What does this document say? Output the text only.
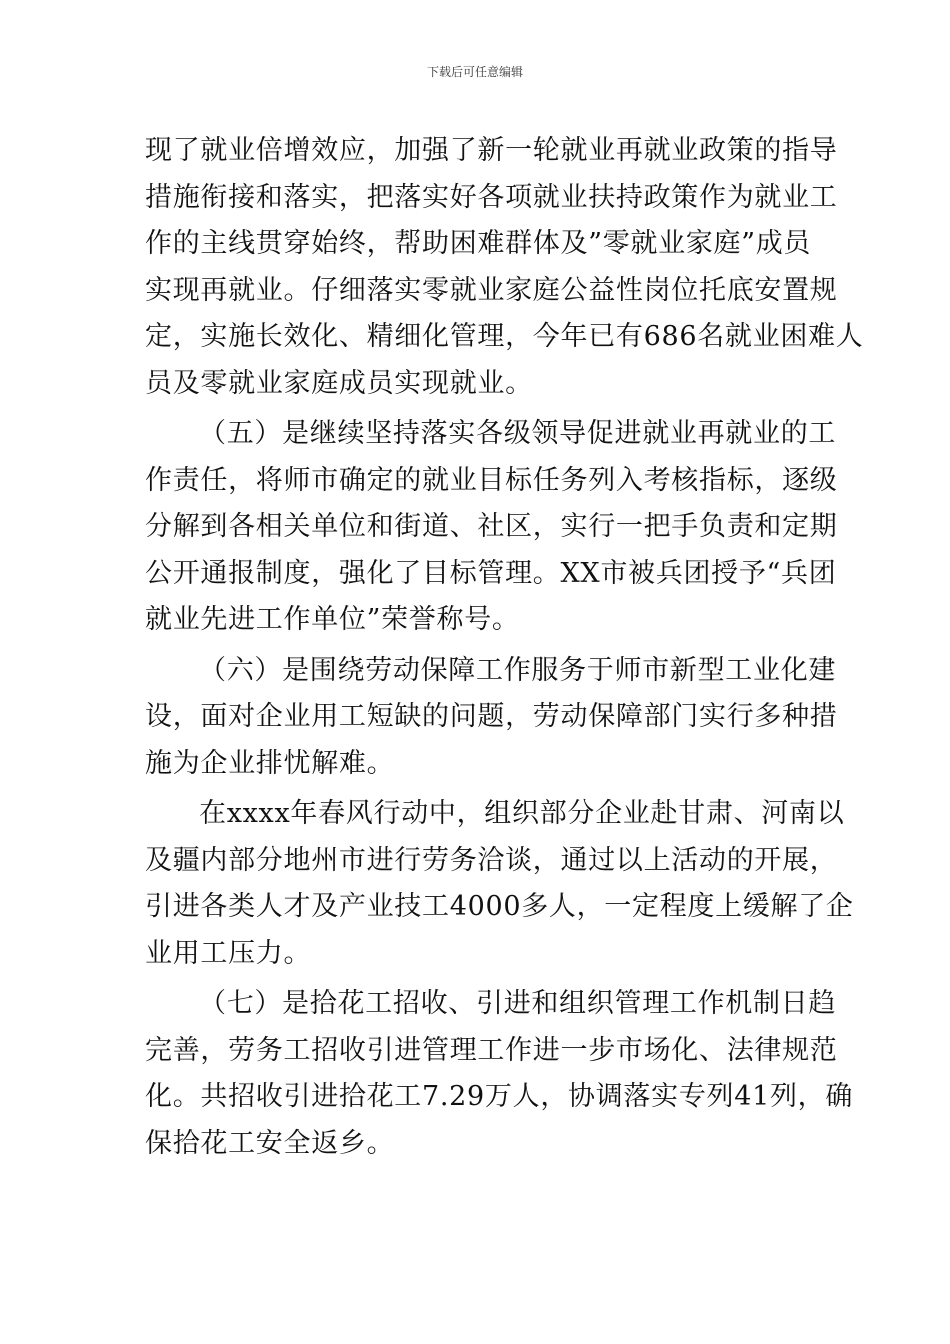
下载后可任意编辑
现了就业倍增效应，加强了新一轮就业再就业政策的指导
措施衔接和落实，把落实好各项就业扶持政策作为就业工
作的主线贯穿始终，帮助困难群体及”零就业家庭”成员
实现再就业。仔细落实零就业家庭公益性岗位托底安置规
定，实施长效化、精细化管理，今年已有686名就业困难人
员及零就业家庭成员实现就业。
（五）是继续坚持落实各级领导促进就业再就业的工
作责任，将师市确定的就业目标任务列入考核指标，逐级
分解到各相关单位和街道、社区，实行一把手负责和定期
公开通报制度，强化了目标管理。XX市被兵团授予“兵团
就业先进工作单位”荣誉称号。
（六）是围绕劳动保障工作服务于师市新型工业化建
设，面对企业用工短缺的问题，劳动保障部门实行多种措
施为企业排忧解难。
在xxxx年春风行动中，组织部分企业赴甘肃、河南以
及疆内部分地州市进行劳务洽谈，通过以上活动的开展，
引进各类人才及产业技工4000多人，一定程度上缓解了企
业用工压力。
（七）是拾花工招收、引进和组织管理工作机制日趋
完善，劳务工招收引进管理工作进一步市场化、法律规范
化。共招收引进拾花工7.29万人，协调落实专列41列，确
保拾花工安全返乡。
